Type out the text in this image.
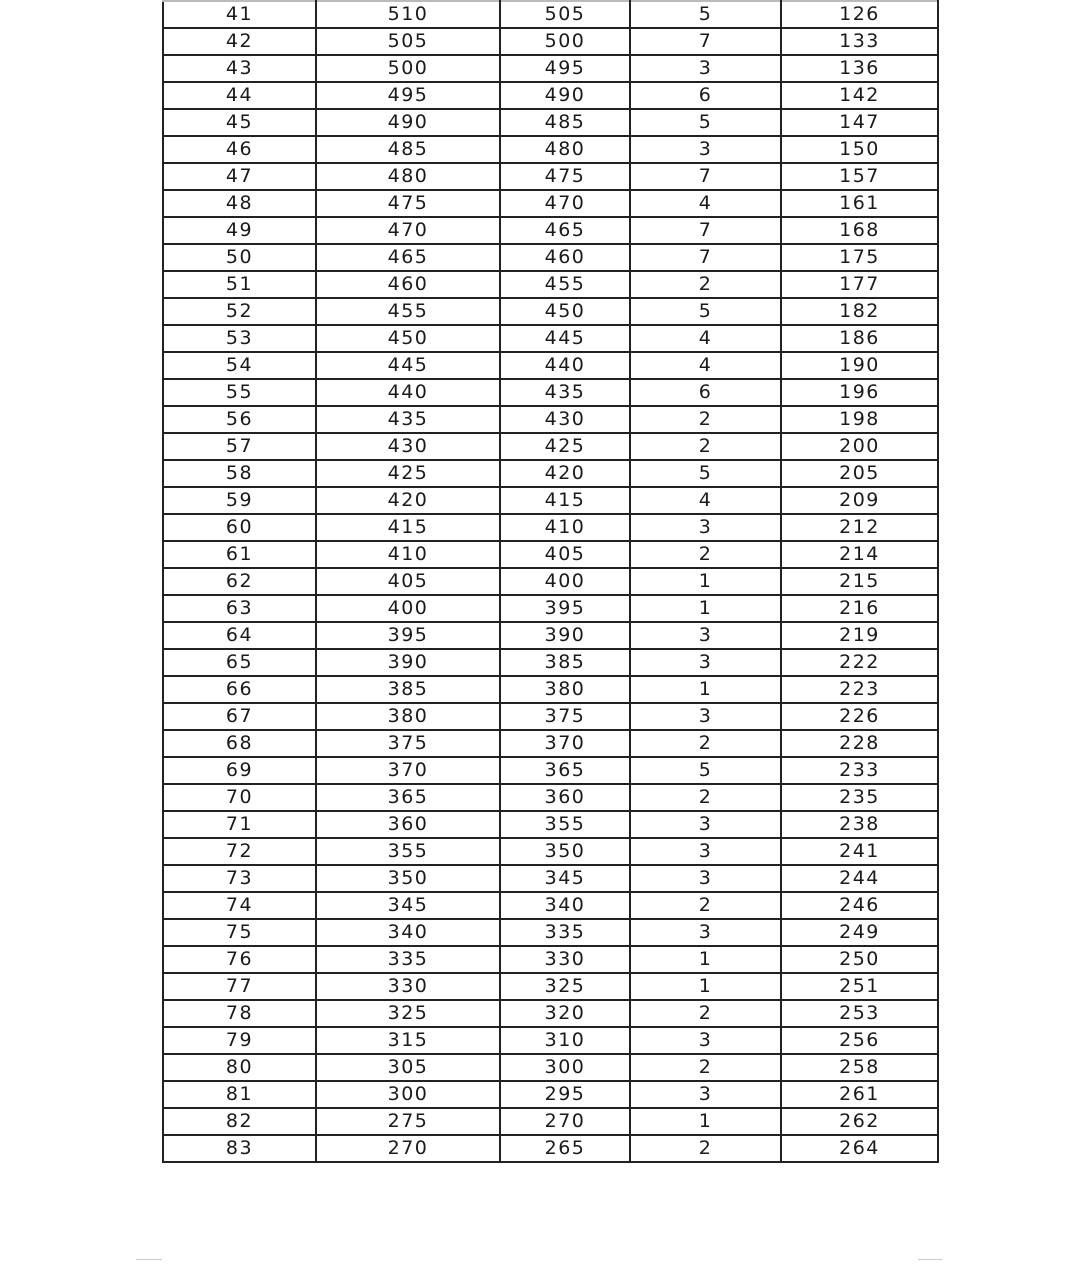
41	510	505	5	126
42	505	500	7	133
43	500	495	3	136
44	495	490	6	142
45	490	485	5	147
46	485	480	3	150
47	480	475	7	157
48	475	470	4	161
49	470	465	7	168
50	465	460	7	175
51	460	455	2	177
52	455	450	5	182
53	450	445	4	186
54	445	440	4	190
55	440	435	6	196
56	435	430	2	198
57	430	425	2	200
58	425	420	5	205
59	420	415	4	209
60	415	410	3	212
61	410	405	2	214
62	405	400	1	215
63	400	395	1	216
64	395	390	3	219
65	390	385	3	222
66	385	380	1	223
67	380	375	3	226
68	375	370	2	228
69	370	365	5	233
70	365	360	2	235
71	360	355	3	238
72	355	350	3	241
73	350	345	3	244
74	345	340	2	246
75	340	335	3	249
76	335	330	1	250
77	330	325	1	251
78	325	320	2	253
79	315	310	3	256
80	305	300	2	258
81	300	295	3	261
82	275	270	1	262
83	270	265	2	264
